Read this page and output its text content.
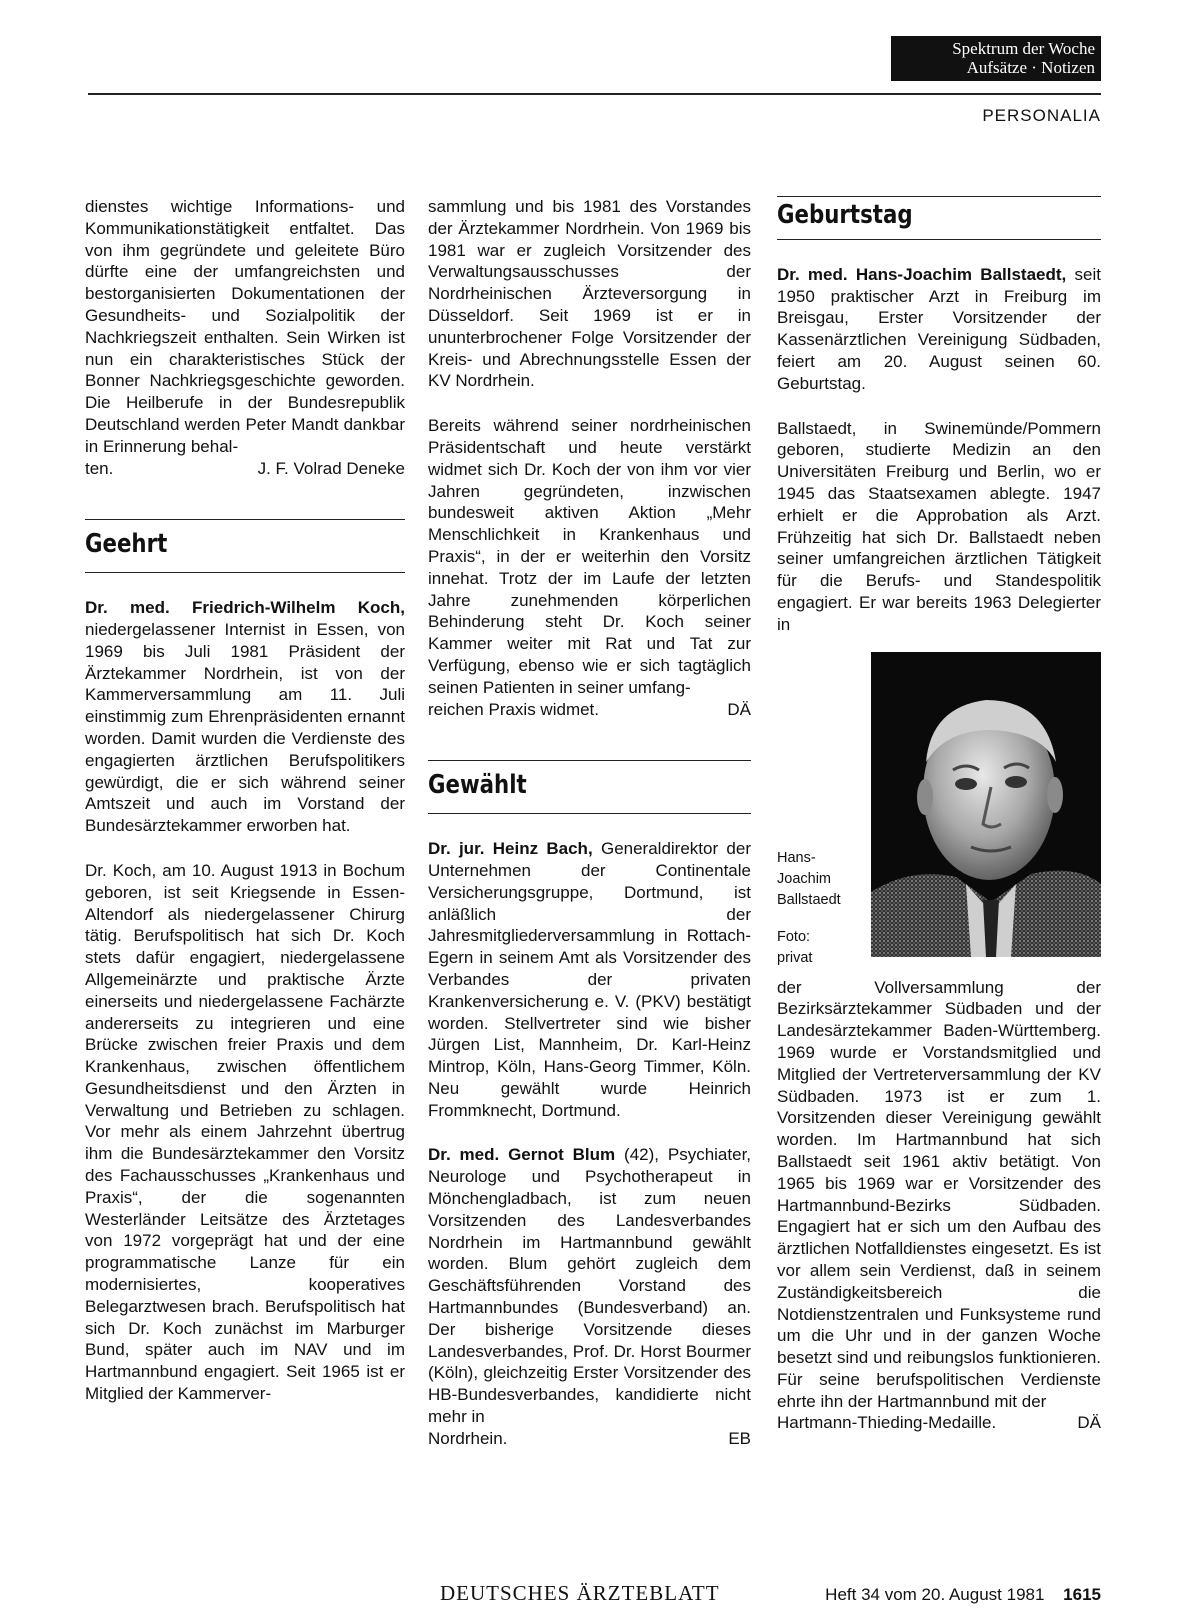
Spektrum der Woche
Aufsätze · Notizen
PERSONALIA

dienstes wichtige Informations- und Kommunikationstätigkeit entfaltet. Das von ihm gegründete und geleitete Büro dürfte eine der umfangreichsten und bestorganisierten Dokumentationen der Gesundheits- und Sozialpolitik der Nachkriegszeit enthalten. Sein Wirken ist nun ein charakteristisches Stück der Bonner Nachkriegsgeschichte geworden. Die Heilberufe in der Bundesrepublik Deutschland werden Peter Mandt dankbar in Erinnerung behal-

ten.	J. F. Volrad Deneke
Geehrt

Dr. med. Friedrich-Wilhelm Koch, niedergelassener Internist in Essen, von 1969 bis Juli 1981 Präsident der Ärztekammer Nordrhein, ist von der Kammerversammlung am 11. Juli einstimmig zum Ehrenpräsidenten ernannt worden. Damit wurden die Verdienste des engagierten ärztlichen Berufspolitikers gewürdigt, die er sich während seiner Amtszeit und auch im Vorstand der Bundesärztekammer erworben hat.

Dr. Koch, am 10. August 1913 in Bochum geboren, ist seit Kriegsende in Essen-Altendorf als niedergelassener Chirurg tätig. Berufspolitisch hat sich Dr. Koch stets dafür engagiert, niedergelassene Allgemeinärzte und praktische Ärzte einerseits und niedergelassene Fachärzte andererseits zu integrieren und eine Brücke zwischen freier Praxis und dem Krankenhaus, zwischen öffentlichem Gesundheitsdienst und den Ärzten in Verwaltung und Betrieben zu schlagen. Vor mehr als einem Jahrzehnt übertrug ihm die Bundesärztekammer den Vorsitz des Fachausschusses „Krankenhaus und Praxis“, der die sogenannten Westerländer Leitsätze des Ärztetages von 1972 vorgeprägt hat und der eine programmatische Lanze für ein modernisiertes, kooperatives Belegarztwesen brach. Berufspolitisch hat sich Dr. Koch zunächst im Marburger Bund, später auch im NAV und im Hartmannbund engagiert. Seit 1965 ist er Mitglied der Kammerver-

sammlung und bis 1981 des Vorstandes der Ärztekammer Nordrhein. Von 1969 bis 1981 war er zugleich Vorsitzender des Verwaltungsausschusses der Nordrheinischen Ärzteversorgung in Düsseldorf. Seit 1969 ist er in ununterbrochener Folge Vorsitzender der Kreis- und Abrechnungsstelle Essen der KV Nordrhein.

Bereits während seiner nordrheinischen Präsidentschaft und heute verstärkt widmet sich Dr. Koch der von ihm vor vier Jahren gegründeten, inzwischen bundesweit aktiven Aktion „Mehr Menschlichkeit in Krankenhaus und Praxis“, in der er weiterhin den Vorsitz innehat. Trotz der im Laufe der letzten Jahre zunehmenden körperlichen Behinderung steht Dr. Koch seiner Kammer weiter mit Rat und Tat zur Verfügung, ebenso wie er sich tagtäglich seinen Patienten in seiner umfang-

reichen Praxis widmet.	DÄ
Gewählt

Dr. jur. Heinz Bach, Generaldirektor der Unternehmen der Continentale Versicherungsgruppe, Dortmund, ist anläßlich der Jahresmitgliederversammlung in Rottach-Egern in seinem Amt als Vorsitzender des Verbandes der privaten Krankenversicherung e. V. (PKV) bestätigt worden. Stellvertreter sind wie bisher Jürgen List, Mannheim, Dr. Karl-Heinz Mintrop, Köln, Hans-Georg Timmer, Köln. Neu gewählt wurde Heinrich Frommknecht, Dortmund.

Dr. med. Gernot Blum (42), Psychiater, Neurologe und Psychotherapeut in Mönchengladbach, ist zum neuen Vorsitzenden des Landesverbandes Nordrhein im Hartmannbund gewählt worden. Blum gehört zugleich dem Geschäftsführenden Vorstand des Hartmannbundes (Bundesverband) an. Der bisherige Vorsitzende dieses Landesverbandes, Prof. Dr. Horst Bourmer (Köln), gleichzeitig Erster Vorsitzender des HB-Bundesverbandes, kandidierte nicht mehr in

Nordrhein.	EB
Geburtstag

Dr. med. Hans-Joachim Ballstaedt, seit 1950 praktischer Arzt in Freiburg im Breisgau, Erster Vorsitzender der Kassenärztlichen Vereinigung Südbaden, feiert am 20. August seinen 60. Geburtstag.

Ballstaedt, in Swinemünde/Pommern geboren, studierte Medizin an den Universitäten Freiburg und Berlin, wo er 1945 das Staatsexamen ablegte. 1947 erhielt er die Approbation als Arzt. Frühzeitig hat sich Dr. Ballstaedt neben seiner umfangreichen ärztlichen Tätigkeit für die Berufs- und Standespolitik engagiert. Er war bereits 1963 Delegierter in

Hans-
Joachim
Ballstaedt
Foto:
privat

der Vollversammlung der Bezirksärztekammer Südbaden und der Landesärztekammer Baden-Württemberg. 1969 wurde er Vorstandsmitglied und Mitglied der Vertreterversammlung der KV Südbaden. 1973 ist er zum 1. Vorsitzenden dieser Vereinigung gewählt worden. Im Hartmannbund hat sich Ballstaedt seit 1961 aktiv betätigt. Von 1965 bis 1969 war er Vorsitzender des Hartmannbund-Bezirks Südbaden. Engagiert hat er sich um den Aufbau des ärztlichen Notfalldienstes eingesetzt. Es ist vor allem sein Verdienst, daß in seinem Zuständigkeitsbereich die Notdienstzentralen und Funksysteme rund um die Uhr und in der ganzen Woche besetzt sind und reibungslos funktionieren. Für seine berufspolitischen Verdienste ehrte ihn der Hartmannbund mit der

Hartmann-Thieding-Medaille.	DÄ
DEUTSCHES ÄRZTEBLATT	Heft 34 vom 20. August 1981 1615
